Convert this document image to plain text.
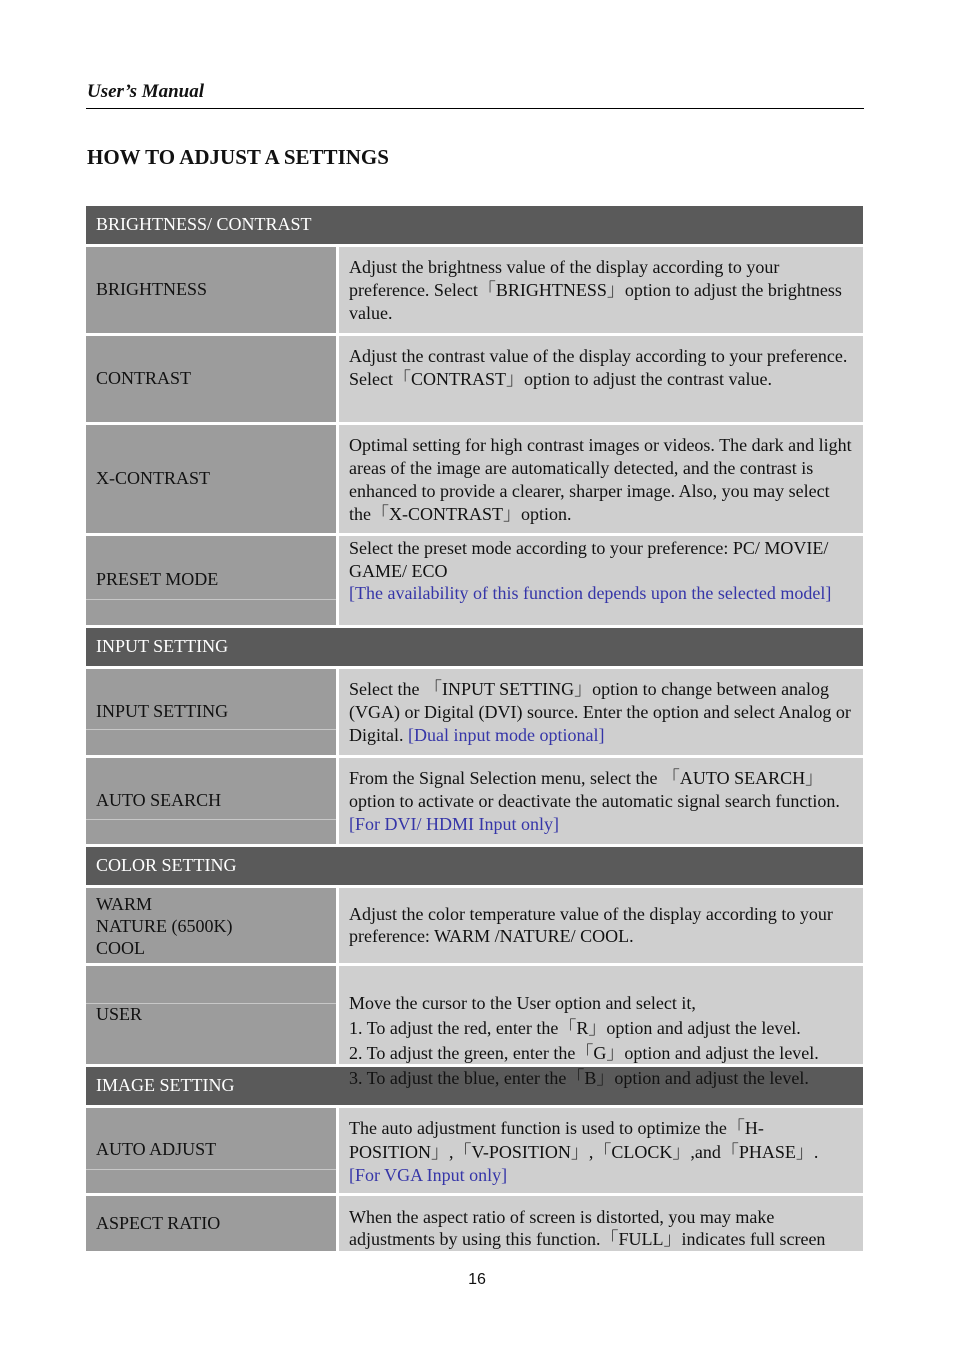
User’s Manual
HOW TO ADJUST A SETTINGS
BRIGHTNESS/ CONTRAST
BRIGHTNESS

Adjust the brightness value of the display according to your preference. Select「BRIGHTNESS」option to adjust the brightness value.

CONTRAST

Adjust the contrast value of the display according to your preference. Select「CONTRAST」option to adjust the contrast value.

X-CONTRAST

Optimal setting for high contrast images or videos. The dark and light areas of the image are automatically detected, and the contrast is enhanced to provide a clearer, sharper image. Also, you may select the「X-CONTRAST」option.

PRESET MODE

Select the preset mode according to your preference: PC/ MOVIE/ GAME/ ECO

[The availability of this function depends upon the selected model]

INPUT SETTING
INPUT SETTING

Select the 「INPUT SETTING」option to change between analog (VGA) or Digital (DVI) source. Enter the option and select Analog or Digital. [Dual input mode optional]

AUTO SEARCH

From the Signal Selection menu, select the 「AUTO SEARCH」option to activate or deactivate the automatic signal search function. [For DVI/ HDMI Input only]

COLOR SETTING
WARM
NATURE (6500K)
COOL

Adjust the color temperature value of the display according to your preference: WARM /NATURE/ COOL.

USER

Move the cursor to the User option and select it,
1. To adjust the red, enter the「R」option and adjust the level.
2. To adjust the green, enter the「G」option and adjust the level.
3. To adjust the blue, enter the「B」option and adjust the level.

IMAGE SETTING
AUTO ADJUST

The auto adjustment function is used to optimize the「H-POSITION」,「V-POSITION」,「CLOCK」,and「PHASE」.

[For VGA Input only]

ASPECT RATIO	When the aspect ratio of screen is distorted, you may make adjustments by using this function.「FULL」indicates full screen

16
